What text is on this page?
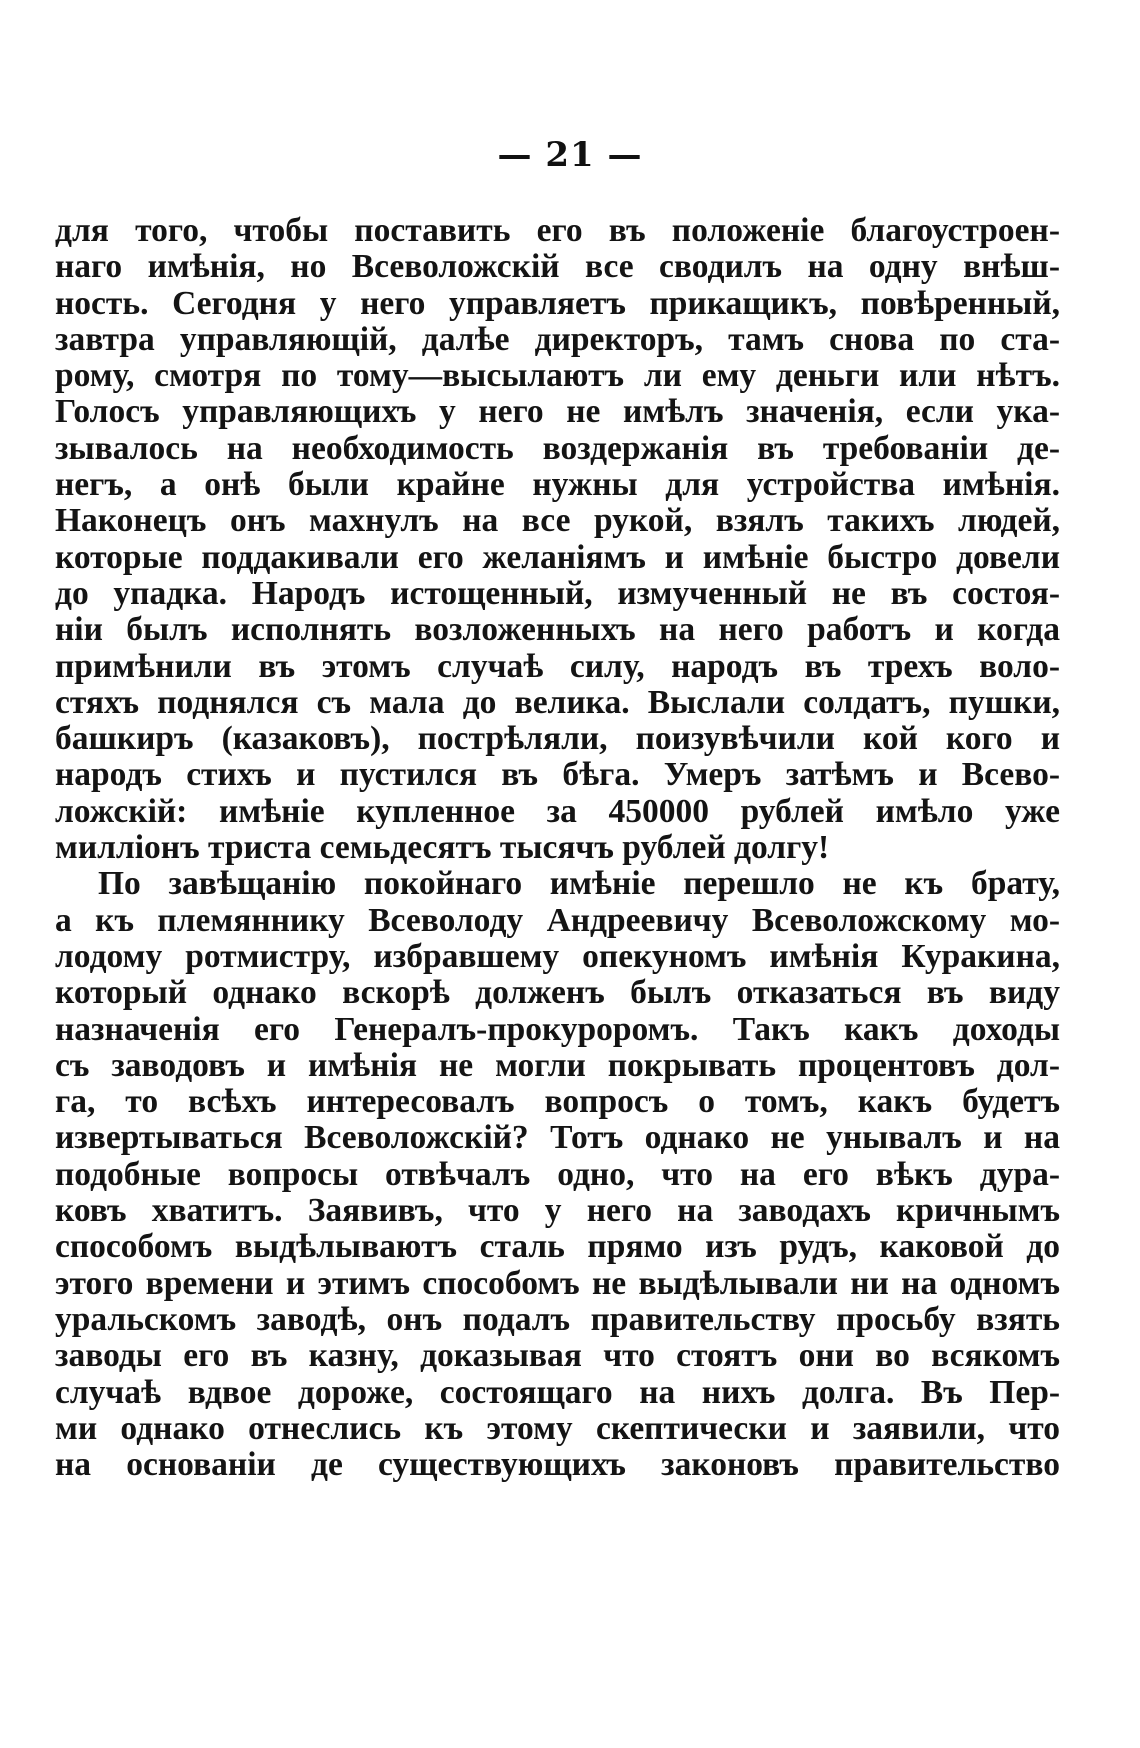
— 21 —
для того, чтобы поставить его въ положеніе благоустроен-
наго имѣнія, но Всеволожскій все сводилъ на одну внѣш-
ность. Сегодня у него управляетъ прикащикъ, повѣренный,
завтра управляющій, далѣе директоръ, тамъ снова по ста-
рому, смотря по тому—высылаютъ ли ему деньги или нѣтъ.
Голосъ управляющихъ у него не имѣлъ значенія, если ука-
зывалось на необходимость воздержанія въ требованіи де-
негъ, а онѣ были крайне нужны для устройства имѣнія.
Наконецъ онъ махнулъ на все рукой, взялъ такихъ людей,
которые поддакивали его желаніямъ и имѣніе быстро довели
до упадка. Народъ истощенный, измученный не въ состоя-
ніи былъ исполнять возложенныхъ на него работъ и когда
примѣнили въ этомъ случаѣ силу, народъ въ трехъ воло-
стяхъ поднялся съ мала до велика. Выслали солдатъ, пушки,
башкиръ (казаковъ), пострѣляли, поизувѣчили кой кого и
народъ стихъ и пустился въ бѣга. Умеръ затѣмъ и Всево-
ложскій: имѣніе купленное за 450000 рублей имѣло уже
милліонъ триста семьдесятъ тысячъ рублей долгу!
По завѣщанію покойнаго имѣніе перешло не къ брату,
а къ племяннику Всеволоду Андреевичу Всеволожскому мо-
лодому ротмистру, избравшему опекуномъ имѣнія Куракина,
который однако вскорѣ долженъ былъ отказаться въ виду
назначенія его Генералъ-прокуроромъ. Такъ какъ доходы
съ заводовъ и имѣнія не могли покрывать процентовъ дол-
га, то всѣхъ интересовалъ вопросъ о томъ, какъ будетъ
извертываться Всеволожскій? Тотъ однако не унывалъ и на
подобные вопросы отвѣчалъ одно, что на его вѣкъ дура-
ковъ хватитъ. Заявивъ, что у него на заводахъ кричнымъ
способомъ выдѣлываютъ сталь прямо изъ рудъ, каковой до
этого времени и этимъ способомъ не выдѣлывали ни на одномъ
уральскомъ заводѣ, онъ подалъ правительству просьбу взять
заводы его въ казну, доказывая что стоятъ они во всякомъ
случаѣ вдвое дороже, состоящаго на нихъ долга. Въ Пер-
ми однако отнеслись къ этому скептически и заявили, что
на основаніи де существующихъ законовъ правительство
